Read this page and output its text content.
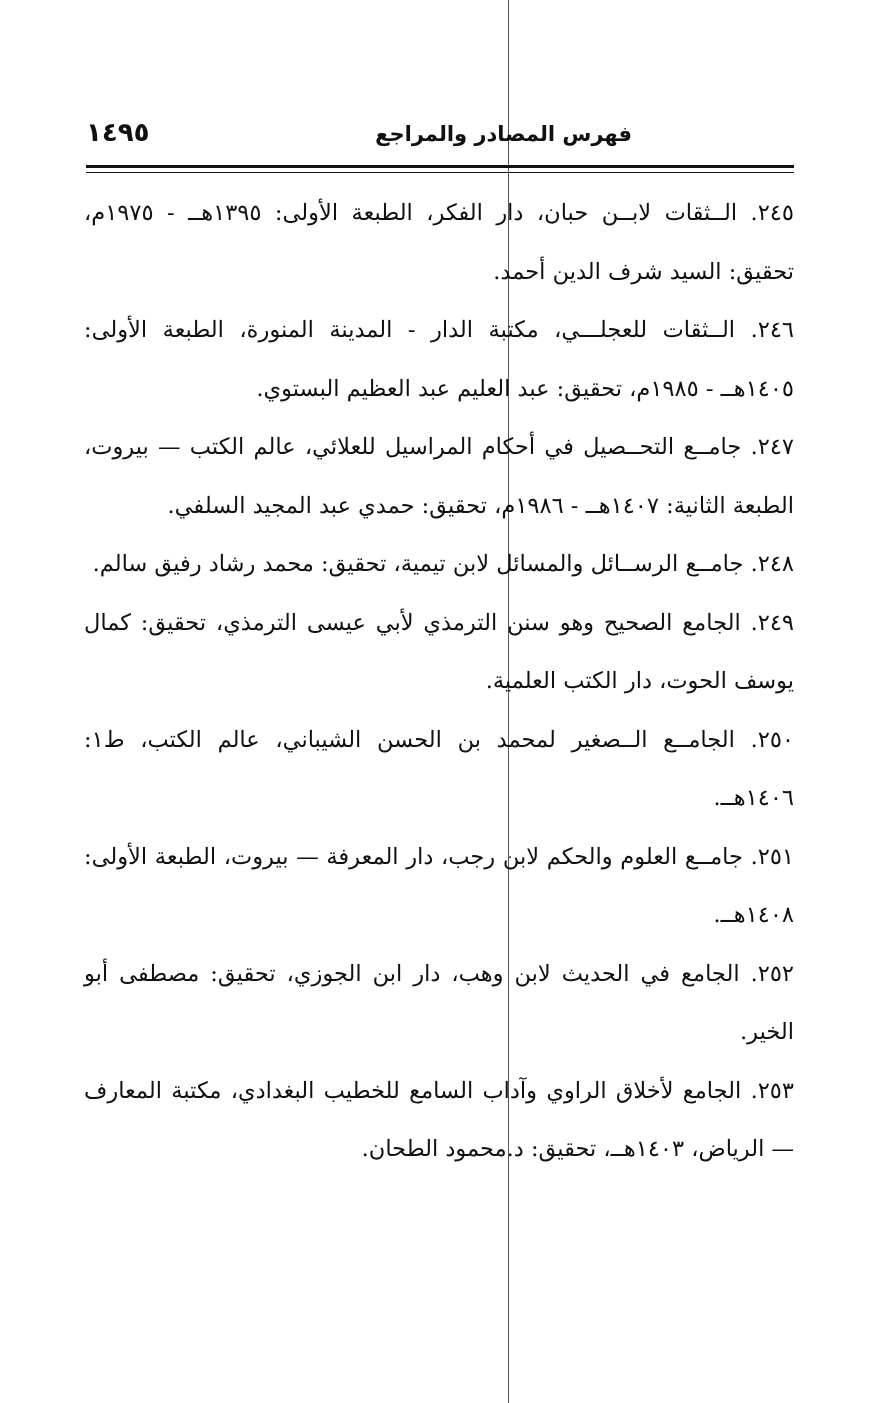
فهرس المصادر والمراجع
١٤٩٥

٢٤٥. الــثقات لابــن حبان، دار الفكر، الطبعة الأولى: ١٣٩٥هــ - ١٩٧٥م، تحقيق: السيد شرف الدين أحمد.

٢٤٦. الــثقات للعجلـــي، مكتبة الدار - المدينة المنورة، الطبعة الأولى: ١٤٠٥هــ - ١٩٨٥م، تحقيق: عبد العليم عبد العظيم البستوي.

٢٤٧. جامــع التحــصيل في أحكام المراسيل للعلائي، عالم الكتب — بيروت، الطبعة الثانية: ١٤٠٧هــ - ١٩٨٦م، تحقيق: حمدي عبد المجيد السلفي.

٢٤٨. جامــع الرســائل والمسائل لابن تيمية، تحقيق: محمد رشاد رفيق سالم.

٢٤٩. الجامع الصحيح وهو سنن الترمذي لأبي عيسى الترمذي، تحقيق: كمال يوسف الحوت، دار الكتب العلمية.

٢٥٠. الجامــع الــصغير لمحمد بن الحسن الشيباني، عالم الكتب، ط١: ١٤٠٦هــ.

٢٥١. جامــع العلوم والحكم لابن رجب، دار المعرفة — بيروت، الطبعة الأولى: ١٤٠٨هــ.

٢٥٢. الجامع في الحديث لابن وهب، دار ابن الجوزي، تحقيق: مصطفى أبو الخير.

٢٥٣. الجامع لأخلاق الراوي وآداب السامع للخطيب البغدادي، مكتبة المعارف — الرياض، ١٤٠٣هــ، تحقيق: د.محمود الطحان.
